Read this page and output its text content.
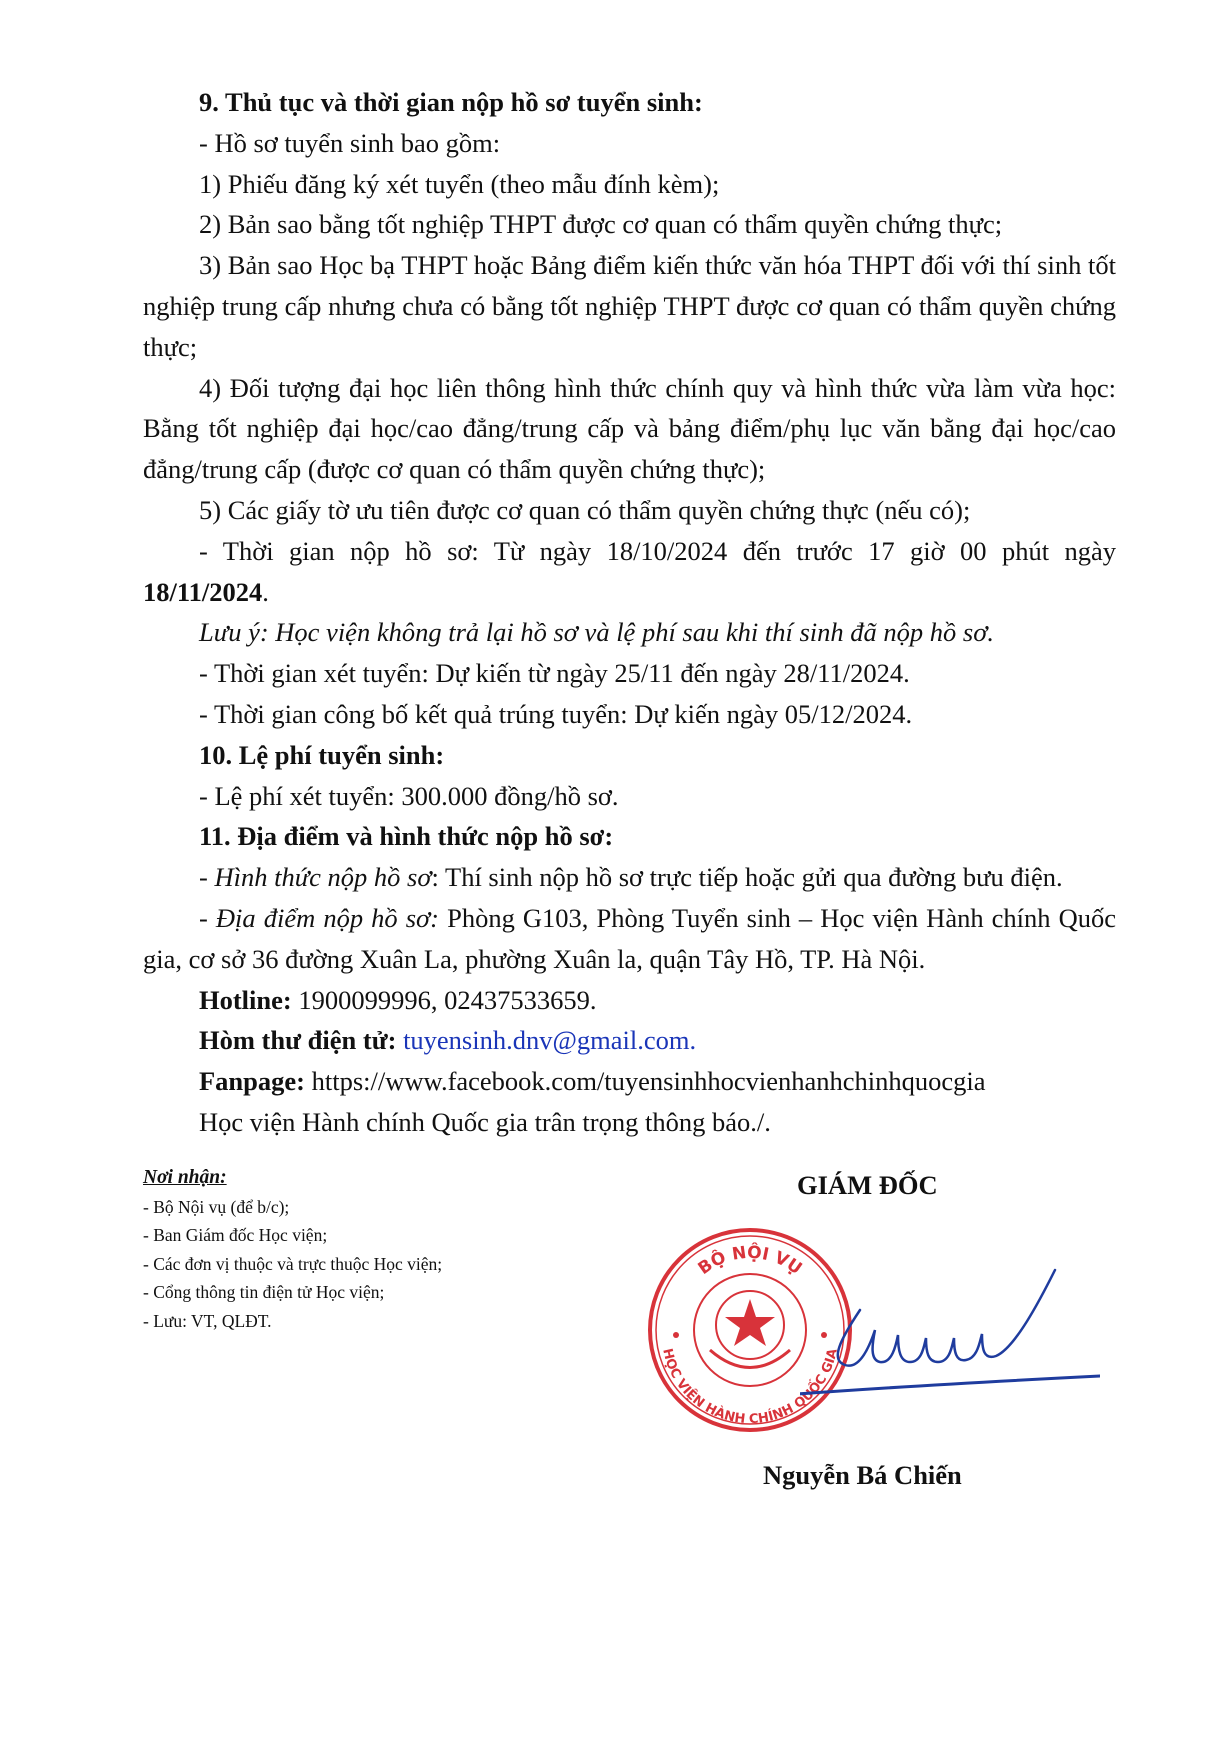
9. Thủ tục và thời gian nộp hồ sơ tuyển sinh:

- Hồ sơ tuyển sinh bao gồm:

1) Phiếu đăng ký xét tuyển (theo mẫu đính kèm);

2) Bản sao bằng tốt nghiệp THPT được cơ quan có thẩm quyền chứng thực;

3) Bản sao Học bạ THPT hoặc Bảng điểm kiến thức văn hóa THPT đối với thí sinh tốt nghiệp trung cấp nhưng chưa có bằng tốt nghiệp THPT được cơ quan có thẩm quyền chứng thực;

4) Đối tượng đại học liên thông hình thức chính quy và hình thức vừa làm vừa học: Bằng tốt nghiệp đại học/cao đẳng/trung cấp và bảng điểm/phụ lục văn bằng đại học/cao đẳng/trung cấp (được cơ quan có thẩm quyền chứng thực);

5) Các giấy tờ ưu tiên được cơ quan có thẩm quyền chứng thực (nếu có);

- Thời gian nộp hồ sơ: Từ ngày 18/10/2024 đến trước 17 giờ 00 phút ngày 18/11/2024.

Lưu ý: Học viện không trả lại hồ sơ và lệ phí sau khi thí sinh đã nộp hồ sơ.

- Thời gian xét tuyển: Dự kiến từ ngày 25/11 đến ngày 28/11/2024.

- Thời gian công bố kết quả trúng tuyển: Dự kiến ngày 05/12/2024.

10. Lệ phí tuyển sinh:

- Lệ phí xét tuyển: 300.000 đồng/hồ sơ.

11. Địa điểm và hình thức nộp hồ sơ:

- Hình thức nộp hồ sơ: Thí sinh nộp hồ sơ trực tiếp hoặc gửi qua đường bưu điện.

- Địa điểm nộp hồ sơ: Phòng G103, Phòng Tuyển sinh – Học viện Hành chính Quốc gia, cơ sở 36 đường Xuân La, phường Xuân la, quận Tây Hồ, TP. Hà Nội.

Hotline: 1900099996, 02437533659.

Hòm thư điện tử: tuyensinh.dnv@gmail.com.

Fanpage: https://www.facebook.com/tuyensinhhocvienhanhchinhquocgia

Học viện Hành chính Quốc gia trân trọng thông báo./.

Nơi nhận:
- Bộ Nội vụ (để b/c);
- Ban Giám đốc Học viện;
- Các đơn vị thuộc và trực thuộc Học viện;
- Cổng thông tin điện tử Học viện;
- Lưu: VT, QLĐT.
GIÁM ĐỐC
BỘ NỘI VỤ
HỌC VIỆN HÀNH CHÍNH QUỐC GIA
Nguyễn Bá Chiến
